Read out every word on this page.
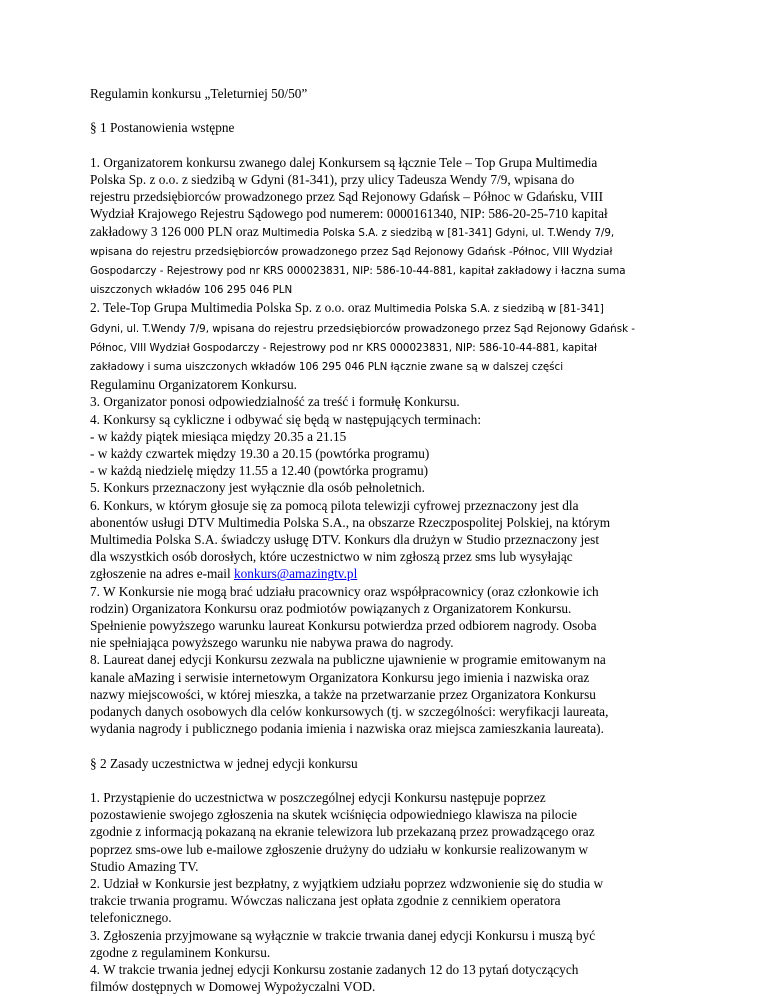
Regulamin konkursu „Teleturniej 50/50”

§ 1 Postanowienia wstępne

1. Organizatorem konkursu zwanego dalej Konkursem są łącznie Tele – Top Grupa Multimedia

Polska Sp. z o.o. z siedzibą w Gdyni (81-341), przy ulicy Tadeusza Wendy 7/9, wpisana do

rejestru przedsiębiorców prowadzonego przez Sąd Rejonowy Gdańsk – Północ w Gdańsku, VIII

Wydział Krajowego Rejestru Sądowego pod numerem: 0000161340, NIP: 586-20-25-710 kapitał

zakładowy 3 126 000 PLN oraz Multimedia Polska S.A. z siedzibą w [81-341] Gdyni, ul. T.Wendy 7/9,

wpisana do rejestru przedsiębiorców prowadzonego przez Sąd Rejonowy Gdańsk -Północ, VIII Wydział

Gospodarczy - Rejestrowy pod nr KRS 000023831, NIP: 586-10-44-881, kapitał zakładowy i łaczna suma

uiszczonych wkładów 106 295 046 PLN

2. Tele-Top Grupa Multimedia Polska Sp. z o.o. oraz Multimedia Polska S.A. z siedzibą w [81-341]

Gdyni, ul. T.Wendy 7/9, wpisana do rejestru przedsiębiorców prowadzonego przez Sąd Rejonowy Gdańsk -

Północ, VIII Wydział Gospodarczy - Rejestrowy pod nr KRS 000023831, NIP: 586-10-44-881, kapitał

zakładowy i suma uiszczonych wkładów 106 295 046 PLN łącznie zwane są w dalszej części

Regulaminu Organizatorem Konkursu.

3. Organizator ponosi odpowiedzialność za treść i formułę Konkursu.

4. Konkursy są cykliczne i odbywać się będą w następujących terminach:

- w każdy piątek miesiąca między 20.35 a 21.15

- w każdy czwartek między 19.30 a 20.15 (powtórka programu)

- w każdą niedzielę między 11.55 a 12.40 (powtórka programu)

5. Konkurs przeznaczony jest wyłącznie dla osób pełnoletnich.

6. Konkurs, w którym głosuje się za pomocą pilota telewizji cyfrowej przeznaczony jest dla

abonentów usługi DTV Multimedia Polska S.A., na obszarze Rzeczpospolitej Polskiej, na którym

Multimedia Polska S.A. świadczy usługę DTV. Konkurs dla drużyn w Studio przeznaczony jest

dla wszystkich osób dorosłych, które uczestnictwo w nim zgłoszą przez sms lub wysyłając

zgłoszenie na adres e-mail konkurs@amazingtv.pl

7. W Konkursie nie mogą brać udziału pracownicy oraz współpracownicy (oraz członkowie ich

rodzin) Organizatora Konkursu oraz podmiotów powiązanych z Organizatorem Konkursu.

Spełnienie powyższego warunku laureat Konkursu potwierdza przed odbiorem nagrody. Osoba

nie spełniająca powyższego warunku nie nabywa prawa do nagrody.

8. Laureat danej edycji Konkursu zezwala na publiczne ujawnienie w programie emitowanym na

kanale aMazing i serwisie internetowym Organizatora Konkursu jego imienia i nazwiska oraz

nazwy miejscowości, w której mieszka, a także na przetwarzanie przez Organizatora Konkursu

podanych danych osobowych dla celów konkursowych (tj. w szczególności: weryfikacji laureata,

wydania nagrody i publicznego podania imienia i nazwiska oraz miejsca zamieszkania laureata).

§ 2 Zasady uczestnictwa w jednej edycji konkursu

1. Przystąpienie do uczestnictwa w poszczególnej edycji Konkursu następuje poprzez

pozostawienie swojego zgłoszenia na skutek wciśnięcia odpowiedniego klawisza na pilocie

zgodnie z informacją pokazaną na ekranie telewizora lub przekazaną przez prowadzącego oraz

poprzez sms-owe lub e-mailowe zgłoszenie drużyny do udziału w konkursie realizowanym w

Studio Amazing TV.

2. Udział w Konkursie jest bezpłatny, z wyjątkiem udziału poprzez wdzwonienie się do studia w

trakcie trwania programu. Wówczas naliczana jest opłata zgodnie z cennikiem operatora

telefonicznego.

3. Zgłoszenia przyjmowane są wyłącznie w trakcie trwania danej edycji Konkursu i muszą być

zgodne z regulaminem Konkursu.

4. W trakcie trwania jednej edycji Konkursu zostanie zadanych 12 do 13 pytań dotyczących

filmów dostępnych w Domowej Wypożyczalni VOD.
